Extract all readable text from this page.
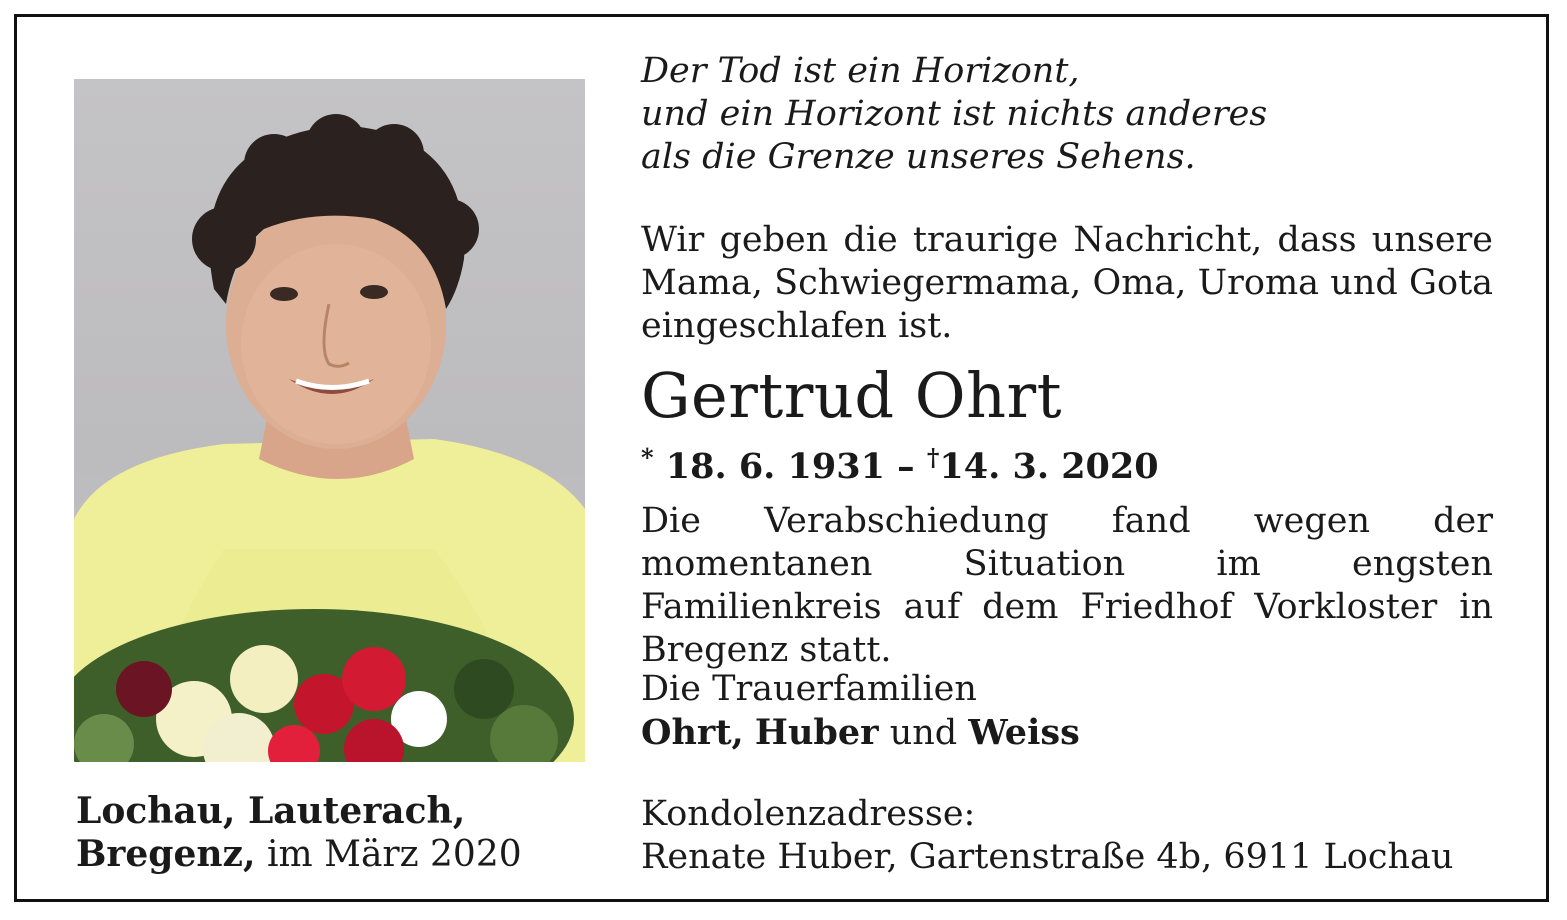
Lochau, Lauterach,
Bregenz, im März 2020
Der Tod ist ein Horizont,
und ein Horizont ist nichts anderes
als die Grenze unseres Sehens.
Wir geben die traurige Nachricht, dass unsere Mama, Schwiegermama, Oma, Uroma und Gota eingeschlafen ist.
Gertrud Ohrt
* 18. 6. 1931 – †14. 3. 2020
Die Verabschiedung fand wegen der momentanen Situation im engsten Familienkreis auf dem Friedhof Vorkloster in Bregenz statt.
Die Trauerfamilien
Ohrt, Huber und Weiss
Kondolenzadresse:
Renate Huber, Gartenstraße 4b, 6911 Lochau
